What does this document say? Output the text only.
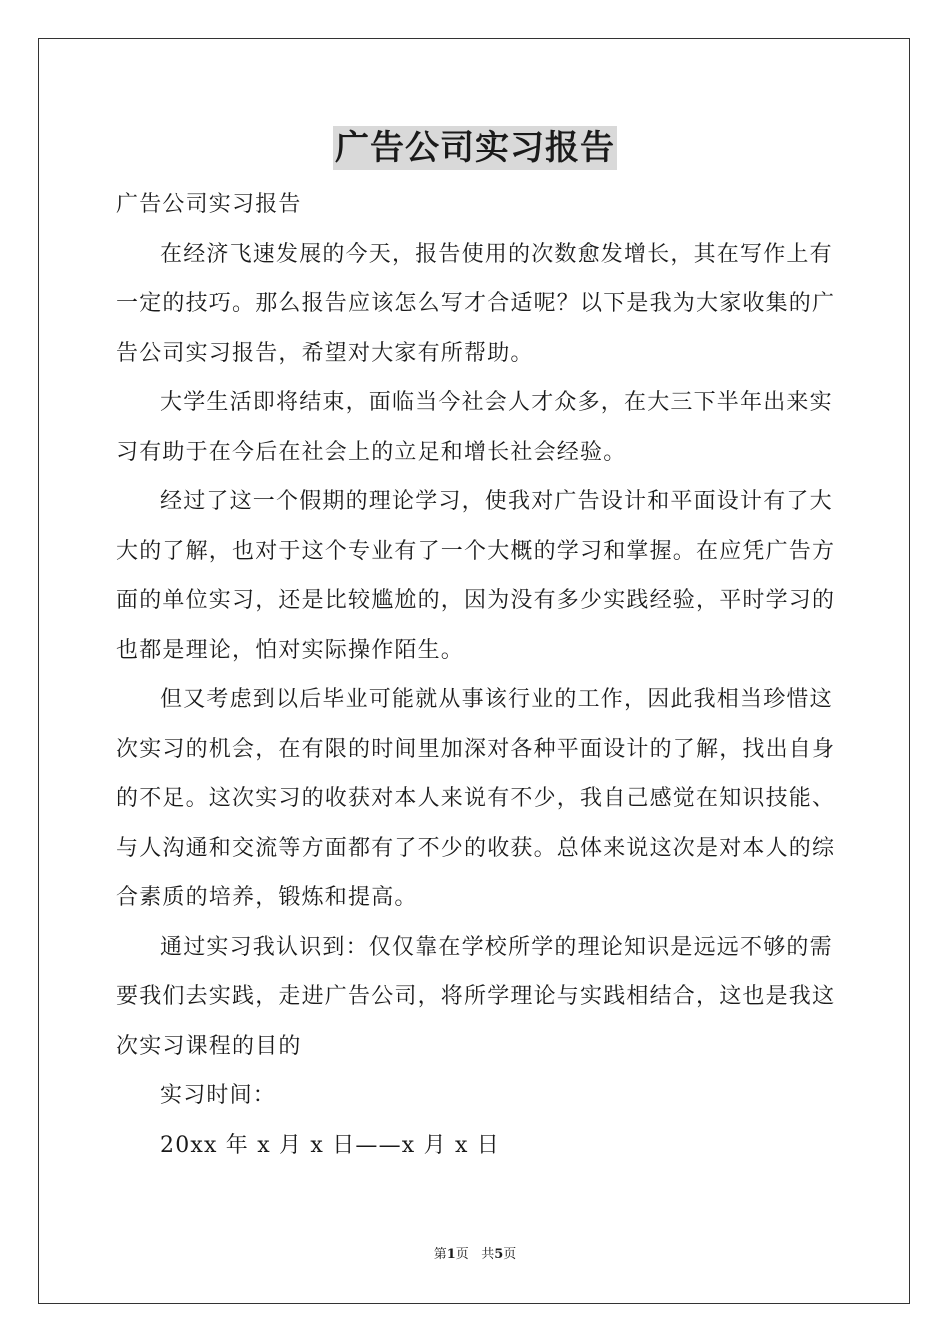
广告公司实习报告

广告公司实习报告

在经济飞速发展的今天，报告使用的次数愈发增长，其在写作上有一定的技巧。那么报告应该怎么写才合适呢？以下是我为大家收集的广告公司实习报告，希望对大家有所帮助。

大学生活即将结束，面临当今社会人才众多，在大三下半年出来实习有助于在今后在社会上的立足和增长社会经验。

经过了这一个假期的理论学习，使我对广告设计和平面设计有了大大的了解，也对于这个专业有了一个大概的学习和掌握。在应凭广告方面的单位实习，还是比较尴尬的，因为没有多少实践经验，平时学习的也都是理论，怕对实际操作陌生。

但又考虑到以后毕业可能就从事该行业的工作，因此我相当珍惜这次实习的机会，在有限的时间里加深对各种平面设计的了解，找出自身的不足。这次实习的收获对本人来说有不少，我自己感觉在知识技能、与人沟通和交流等方面都有了不少的收获。总体来说这次是对本人的综合素质的培养，锻炼和提高。

通过实习我认识到：仅仅靠在学校所学的理论知识是远远不够的需要我们去实践，走进广告公司，将所学理论与实践相结合，这也是我这次实习课程的目的

实习时间：

20xx 年 x 月 x 日——x 月 x 日

第1页 共5页
